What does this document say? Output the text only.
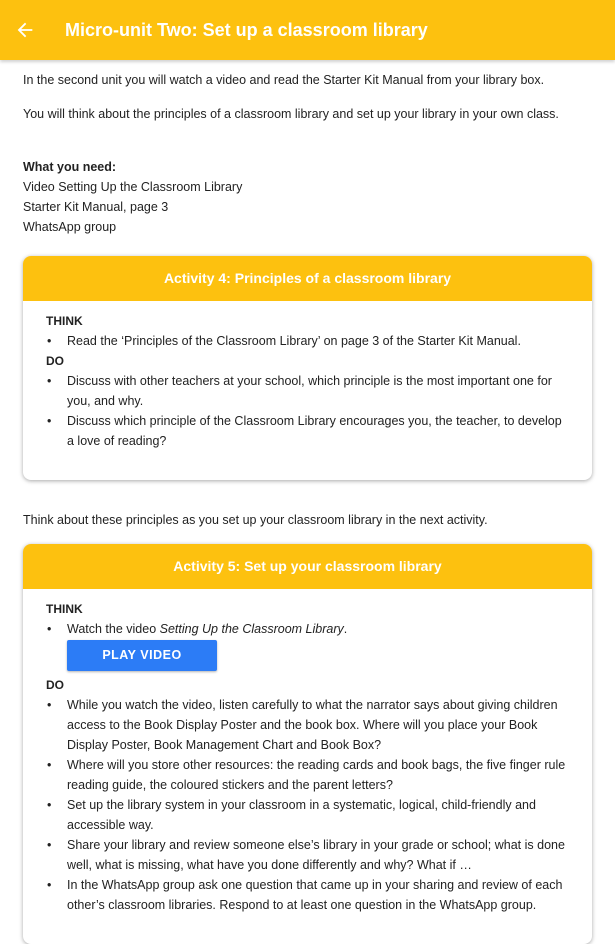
Micro-unit Two: Set up a classroom library

In the second unit you will watch a video and read the Starter Kit Manual from your library box.

You will think about the principles of a classroom library and set up your library in your own class.

What you need:

Video Setting Up the Classroom Library

Starter Kit Manual, page 3

WhatsApp group

Activity 4: Principles of a classroom library

THINK

• Read the ‘Principles of the Classroom Library’ on page 3 of the Starter Kit Manual.

DO

• Discuss with other teachers at your school, which principle is the most important one for you, and why.
• Discuss which principle of the Classroom Library encourages you, the teacher, to develop a love of reading?

Think about these principles as you set up your classroom library in the next activity.

Activity 5: Set up your classroom library

THINK

• Watch the video Setting Up the Classroom Library.
PLAY VIDEO

DO

• While you watch the video, listen carefully to what the narrator says about giving children access to the Book Display Poster and the book box. Where will you place your Book Display Poster, Book Management Chart and Book Box?
• Where will you store other resources: the reading cards and book bags, the five finger rule reading guide, the coloured stickers and the parent letters?
• Set up the library system in your classroom in a systematic, logical, child-friendly and accessible way.
• Share your library and review someone else’s library in your grade or school; what is done well, what is missing, what have you done differently and why? What if …
• In the WhatsApp group ask one question that came up in your sharing and review of each other’s classroom libraries. Respond to at least one question in the WhatsApp group.
